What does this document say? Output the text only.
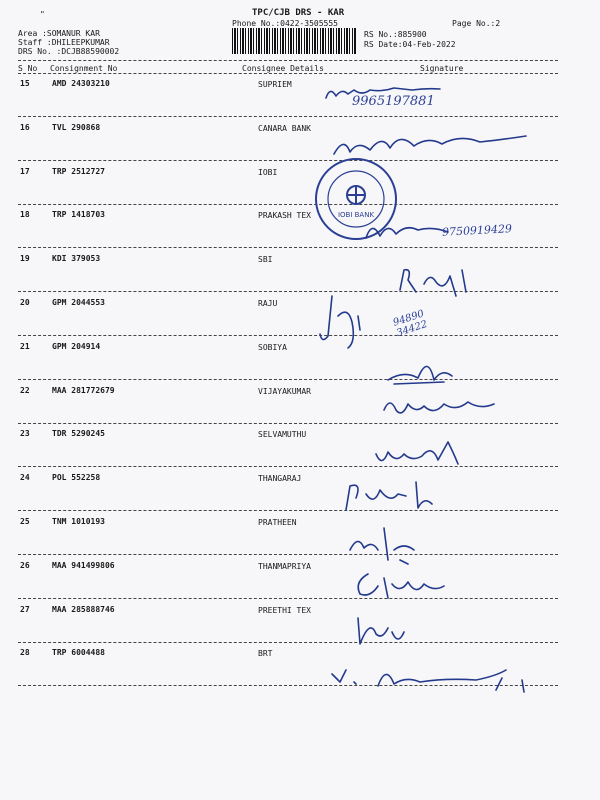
"	TPC/CJB DRS - KAR
Phone No.:0422-3505555	Page No.:2
Area :SOMANUR KAR
Staff :DHILEEPKUMAR
DRS No. :DCJB88590002
RS No.:885900
RS Date:04-Feb-2022
S No Consignment No	Consignee Details	Signature
15	AMD 24303210	SUPRIEM
16	TVL 290868	CANARA BANK
17	TRP 2512727	IOBI
18	TRP 1418703	PRAKASH TEX
19	KDI 379053	SBI
20	GPM 2044553	RAJU
21	GPM 204914	SOBIYA
22	MAA 281772679	VIJAYAKUMAR
23	TDR 5290245	SELVAMUTHU
24	POL 552258	THANGARAJ
25	TNM 1010193	PRATHEEN
26	MAA 941499806	THANMAPRIYA
27	MAA 285888746	PREETHI TEX
28	TRP 6004488	BRT
IOBI BANK
9965197881
9750919429
94890 34422
